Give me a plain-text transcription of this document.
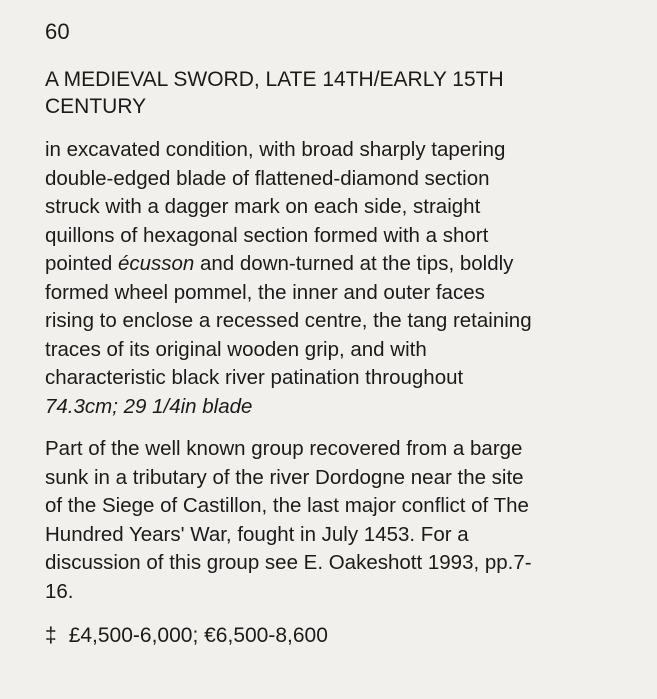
60
A MEDIEVAL SWORD, LATE 14TH/EARLY 15TH
CENTURY
in excavated condition, with broad sharply tapering
double-edged blade of flattened-diamond section
struck with a dagger mark on each side, straight
quillons of hexagonal section formed with a short
pointed écusson and down-turned at the tips, boldly
formed wheel pommel, the inner and outer faces
rising to enclose a recessed centre, the tang retaining
traces of its original wooden grip, and with
characteristic black river patination throughout
74.3cm; 29 1/4in blade
Part of the well known group recovered from a barge
sunk in a tributary of the river Dordogne near the site
of the Siege of Castillon, the last major conflict of The
Hundred Years' War, fought in July 1453. For a
discussion of this group see E. Oakeshott 1993, pp.7-
16.
‡ £4,500-6,000; €6,500-8,600
